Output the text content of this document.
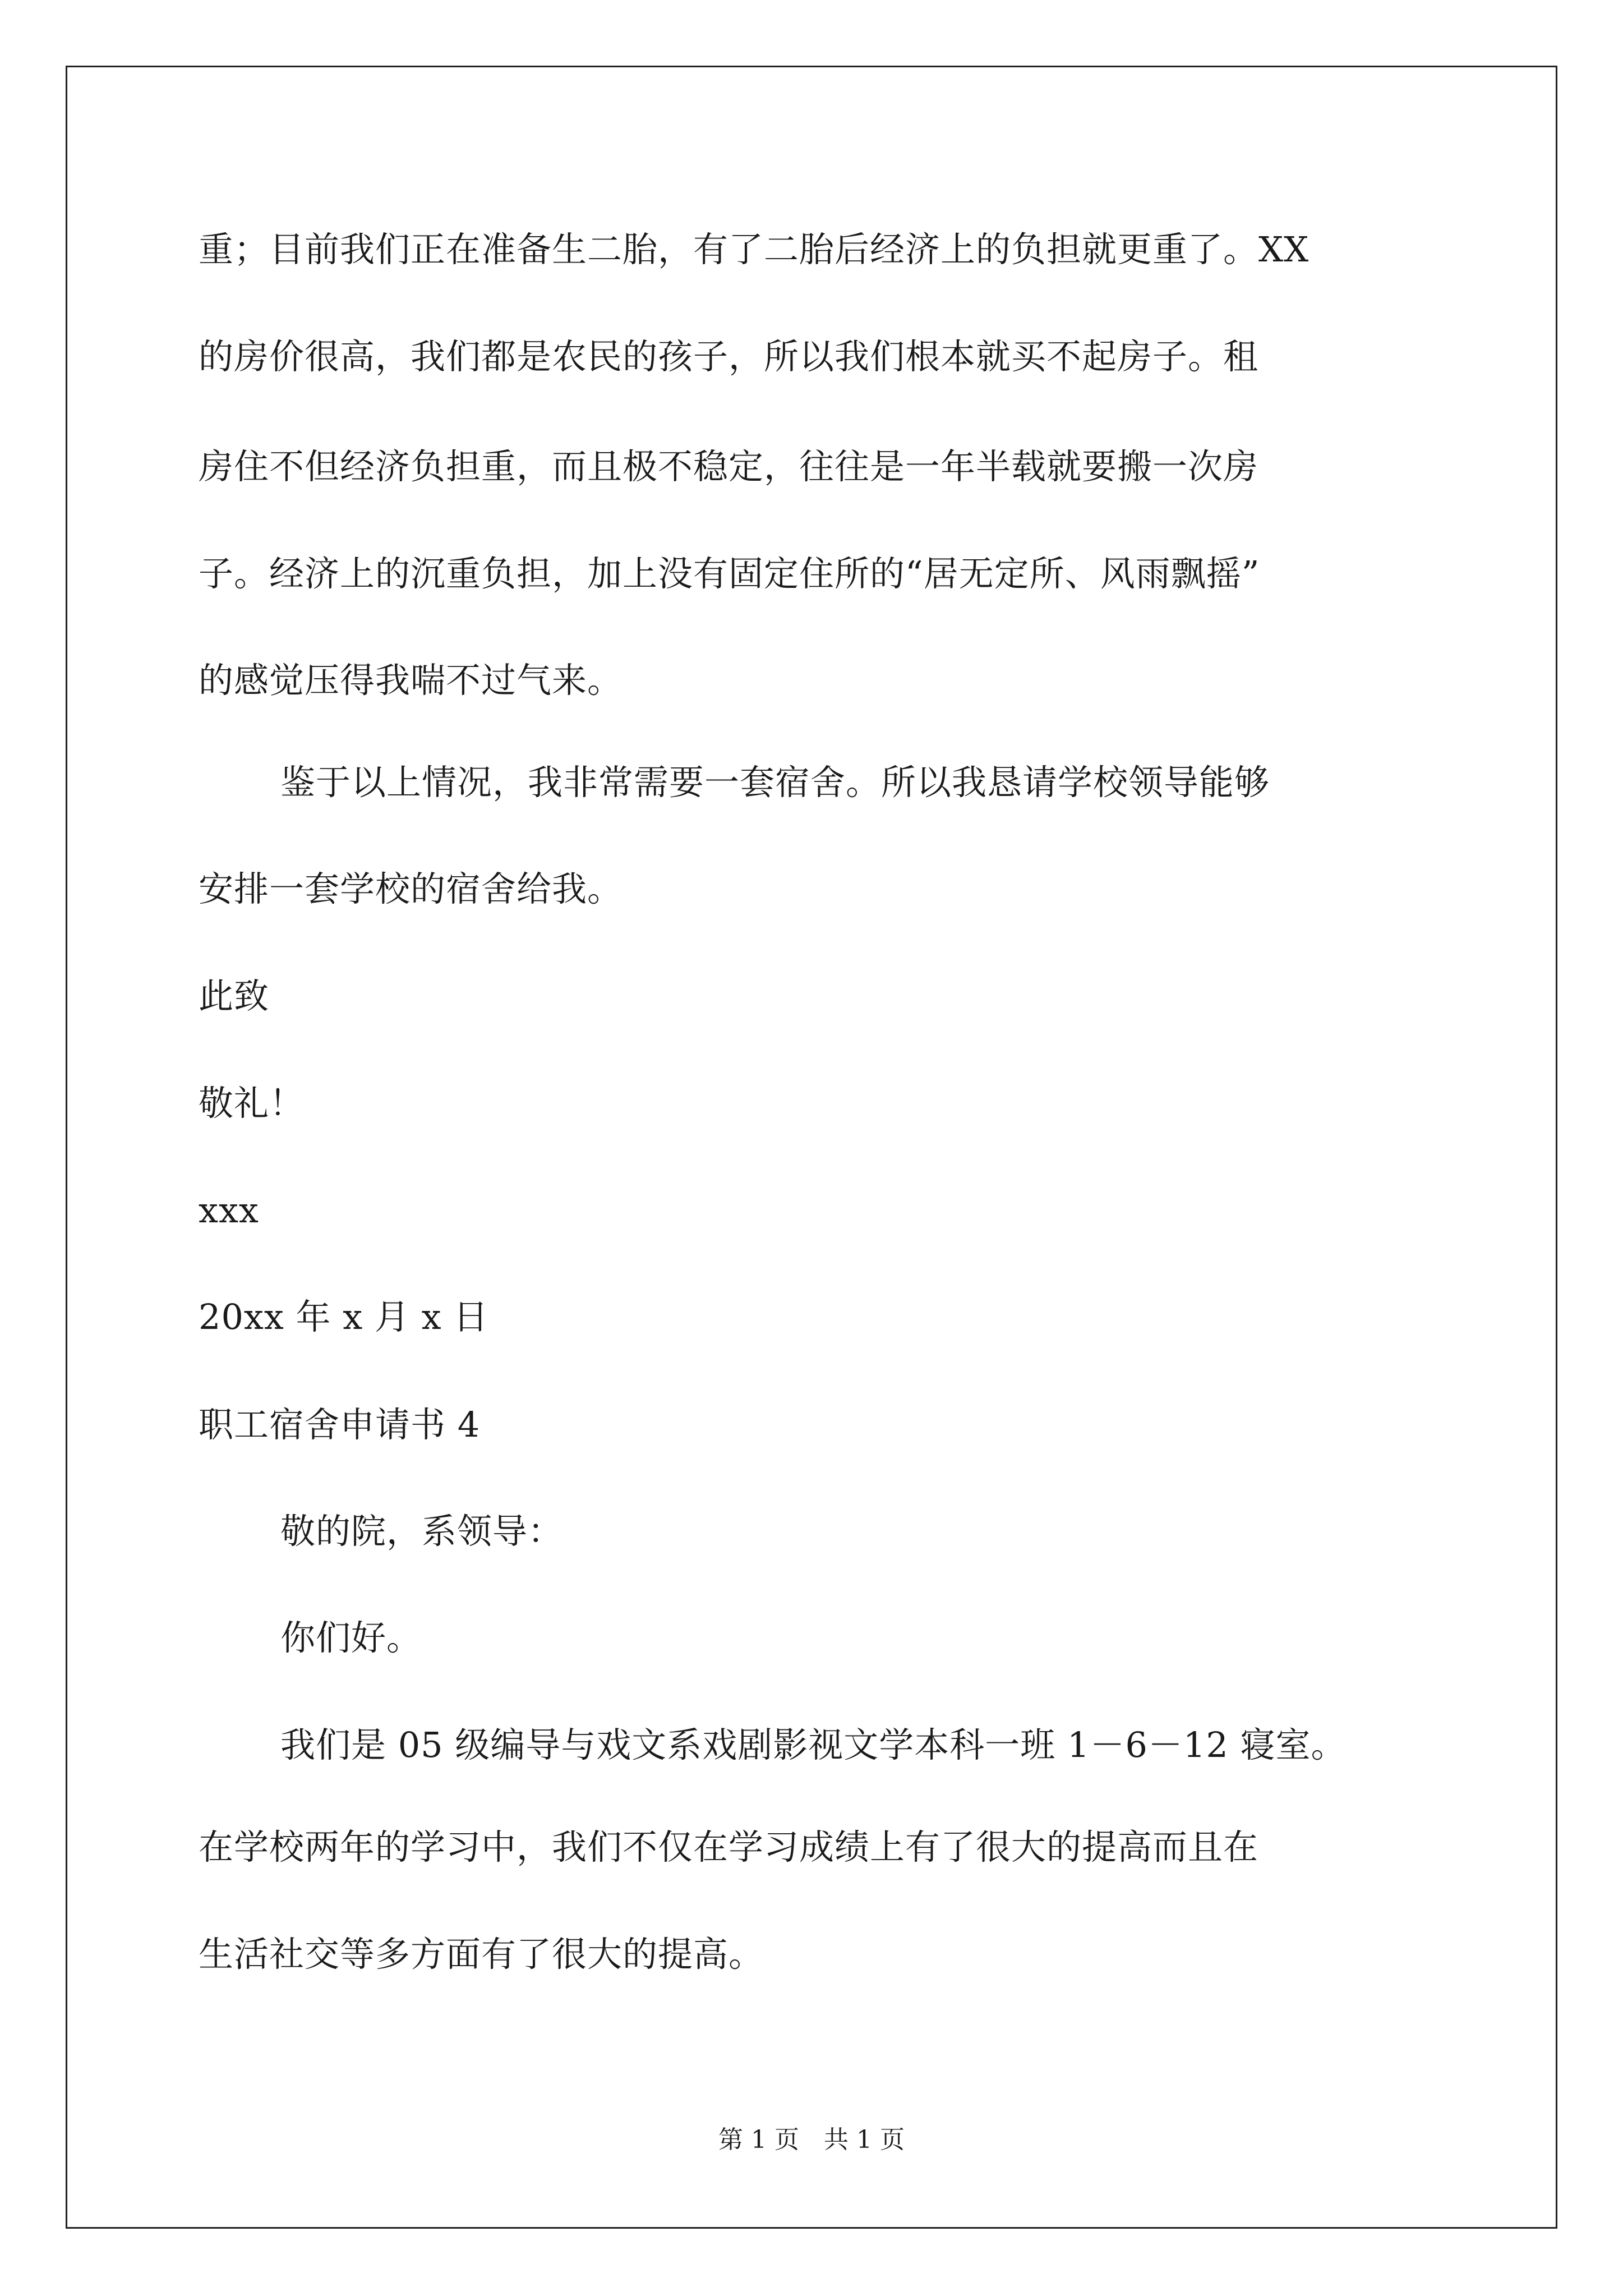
重；目前我们正在准备生二胎，有了二胎后经济上的负担就更重了。XX
的房价很高，我们都是农民的孩子，所以我们根本就买不起房子。租
房住不但经济负担重，而且极不稳定，往往是一年半载就要搬一次房
子。经济上的沉重负担，加上没有固定住所的“居无定所、风雨飘摇”
的感觉压得我喘不过气来。
鉴于以上情况，我非常需要一套宿舍。所以我恳请学校领导能够
安排一套学校的宿舍给我。
此致
敬礼！
xxx
20xx 年 x 月 x 日
职工宿舍申请书 4
敬的院，系领导：
你们好。
我们是 05 级编导与戏文系戏剧影视文学本科一班 1－6－12 寝室。
在学校两年的学习中，我们不仅在学习成绩上有了很大的提高而且在
生活社交等多方面有了很大的提高。
第 1 页　共 1 页
